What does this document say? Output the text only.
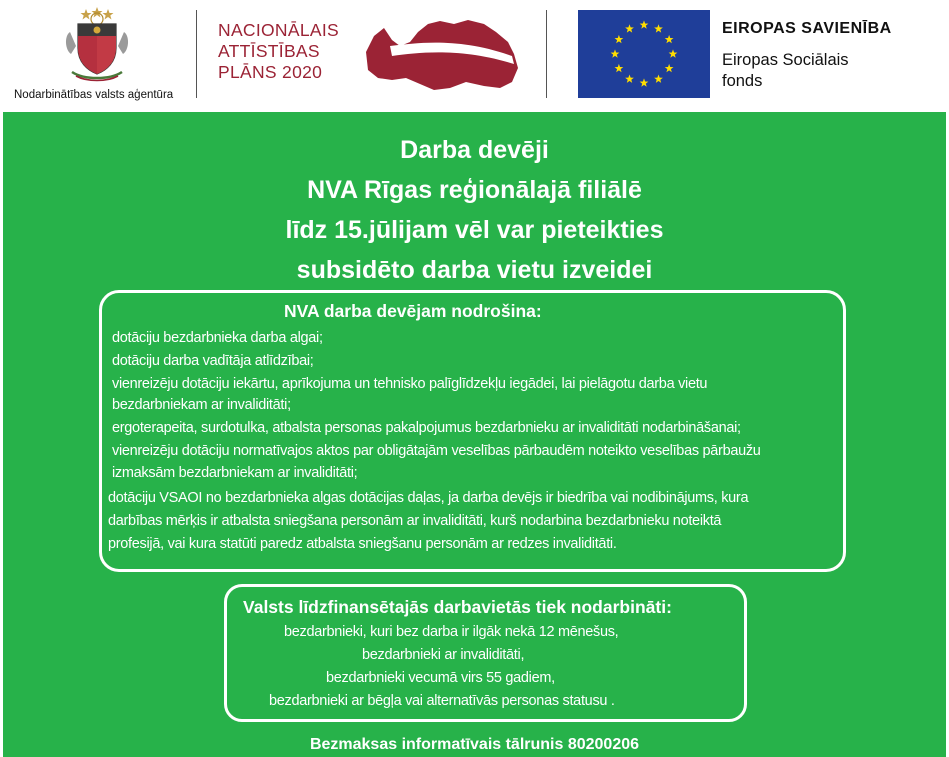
Nodarbinātības valsts aģentūra
NACIONĀLAIS
ATTĪSTĪBAS
PLĀNS 2020
EIROPAS SAVIENĪBA
Eiropas Sociālais
fonds
Darba devēji
NVA Rīgas reģionālajā filiālē
līdz 15.jūlijam vēl var pieteikties
subsidēto darba vietu izveidei
NVA darba devējam nodrošina:
dotāciju bezdarbnieka darba algai;
dotāciju darba vadītāja atlīdzībai;
vienreizēju dotāciju iekārtu, aprīkojuma un tehnisko palīglīdzekļu iegādei, lai pielāgotu darba vietu
bezdarbniekam ar invaliditāti;
ergoterapeita, surdotulka, atbalsta personas pakalpojumus bezdarbnieku ar invaliditāti nodarbināšanai;
vienreizēju dotāciju normatīvajos aktos par obligātajām veselības pārbaudēm noteikto veselības pārbaužu
izmaksām bezdarbniekam ar invaliditāti;
dotāciju VSAOI no bezdarbnieka algas dotācijas daļas, ja darba devējs ir biedrība vai nodibinājums, kura
darbības mērķis ir atbalsta sniegšana personām ar invaliditāti, kurš nodarbina bezdarbnieku noteiktā
profesijā, vai kura statūti paredz atbalsta sniegšanu personām ar redzes invaliditāti.
Valsts līdzfinansētajās darbavietās tiek nodarbināti:
bezdarbnieki, kuri bez darba ir ilgāk nekā 12 mēnešus,
bezdarbnieki ar invaliditāti,
bezdarbnieki vecumā virs 55 gadiem,
bezdarbnieki ar bēgļa vai alternatīvās personas statusu .
Bezmaksas informatīvais tālrunis 80200206
